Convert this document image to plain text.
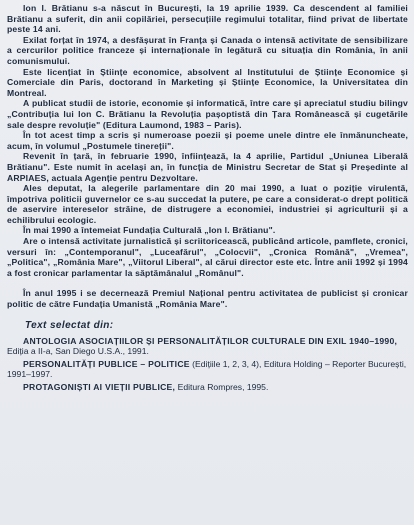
Ion I. Brătianu s-a născut în București, la 19 aprilie 1939. Ca descendent al familiei Brătianu a suferit, din anii copilăriei, persecuțiile regimului totalitar, fiind privat de libertate peste 14 ani.

Exilat forțat în 1974, a desfășurat în Franța și Canada o intensă activitate de sensibilizare a cercurilor politice franceze și internaționale în legătură cu situația din România, în anii comunismului.

Este licențiat în Științe economice, absolvent al Institutului de Științe Economice și Comerciale din Paris, doctorand în Marketing și Științe Economice, la Universitatea din Montreal.

A publicat studii de istorie, economie și informatică, între care și apreciatul studiu bilingv „Contribuția lui Ion C. Brătianu la Revoluția pașoptistă din Țara Românească și cugetările sale despre revoluție" (Editura Laumond, 1983 – Paris).

În tot acest timp a scris și numeroase poezii și poeme unele dintre ele înmănuncheate, acum, în volumul „Postumele tinereții".

Revenit în țară, în februarie 1990, înființează, la 4 aprilie, Partidul „Uniunea Liberală Brătianu". Este numit în același an, în funcția de Ministru Secretar de Stat și Președinte al ARPIAES, actuala Agenție pentru Dezvoltare.

Ales deputat, la alegerile parlamentare din 20 mai 1990, a luat o poziție virulentă, împotriva politicii guvernelor ce s-au succedat la putere, pe care a considerat-o drept politică de aservire intereselor străine, de distrugere a economiei, industriei și agriculturii și a echilibrului ecologic.

În mai 1990 a întemeiat Fundația Culturală „Ion I. Brătianu".

Are o intensă activitate jurnalistică și scriitoricească, publicând articole, pamflete, cronici, versuri în: „Contemporanul", „Luceafărul", „Colocvii", „Cronica Română", „Vremea", „Politica", „România Mare", „Viitorul Liberal", al cărui director este etc. Între anii 1992 și 1994 a fost cronicar parlamentar la săptămânalul „Românul".

În anul 1995 i se decernează Premiul Național pentru activitatea de publicist și cronicar politic de către Fundația Umanistă „România Mare".

Text selectat din:

ANTOLOGIA ASOCIAȚIILOR ȘI PERSONALITĂȚILOR CULTURALE DIN EXIL 1940–1990, Ediția a II-a, San Diego U.S.A., 1991.

PERSONALITĂȚI PUBLICE – POLITICE (Edițiile 1, 2, 3, 4), Editura Holding – Reporter București, 1991–1997.

PROTAGONIȘTI AI VIEȚII PUBLICE, Editura Rompres, 1995.
